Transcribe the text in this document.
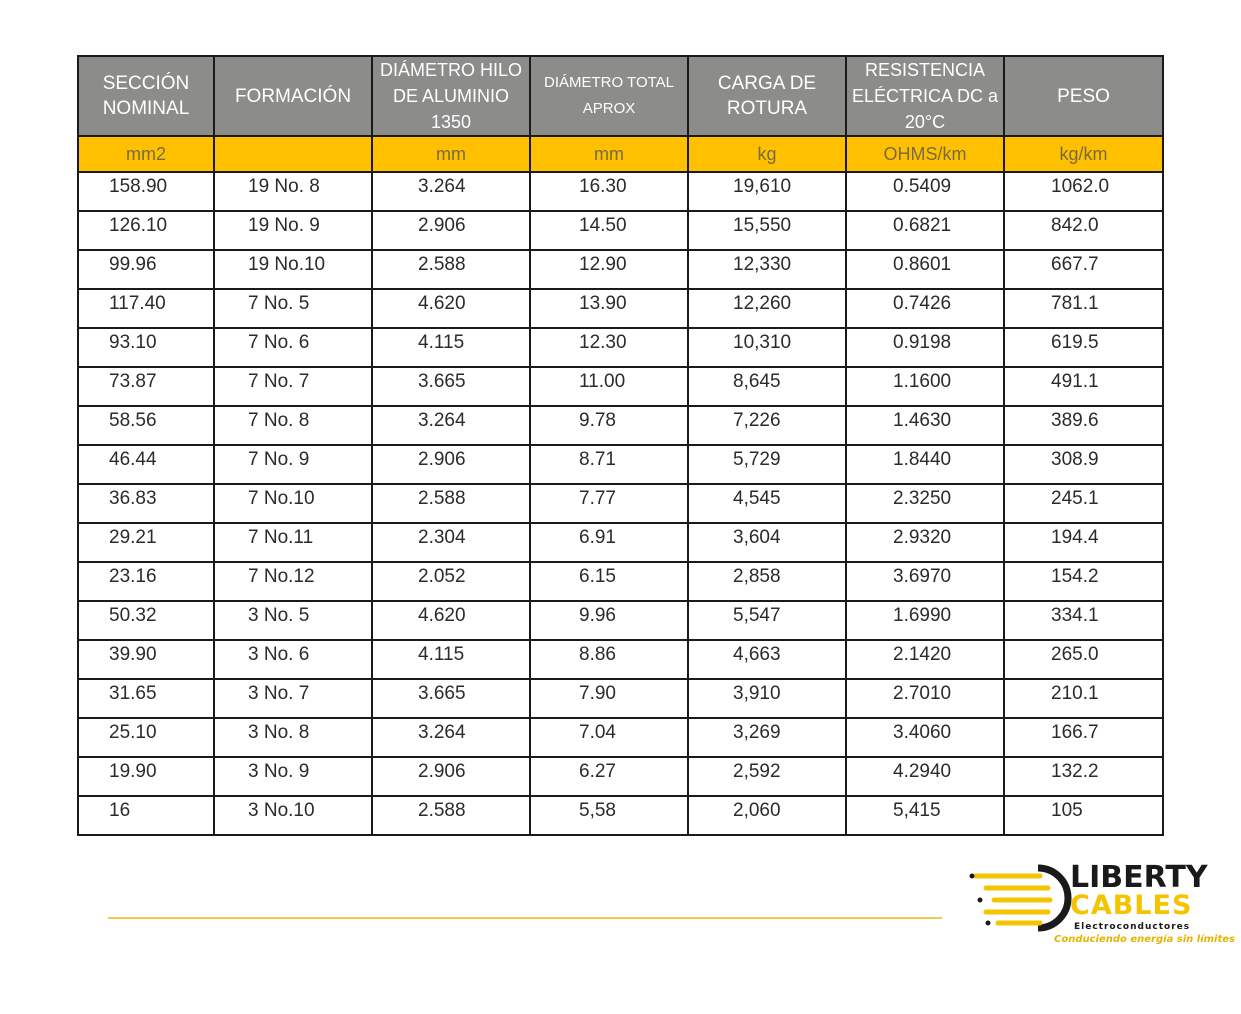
SECCIÓN NOMINAL	FORMACIÓN	DIÁMETRO HILO DE ALUMINIO 1350	DIÁMETRO TOTAL APROX	CARGA DE ROTURA	RESISTENCIA ELÉCTRICA DC a 20°C	PESO
mm2		mm	mm	kg	OHMS/km	kg/km
158.90	19 No. 8	3.264	16.30	19,610	0.5409	1062.0
126.10	19 No. 9	2.906	14.50	15,550	0.6821	842.0
99.96	19 No.10	2.588	12.90	12,330	0.8601	667.7
117.40	7 No. 5	4.620	13.90	12,260	0.7426	781.1
93.10	7 No. 6	4.115	12.30	10,310	0.9198	619.5
73.87	7 No. 7	3.665	11.00	8,645	1.1600	491.1
58.56	7 No. 8	3.264	9.78	7,226	1.4630	389.6
46.44	7 No. 9	2.906	8.71	5,729	1.8440	308.9
36.83	7 No.10	2.588	7.77	4,545	2.3250	245.1
29.21	7 No.11	2.304	6.91	3,604	2.9320	194.4
23.16	7 No.12	2.052	6.15	2,858	3.6970	154.2
50.32	3 No. 5	4.620	9.96	5,547	1.6990	334.1
39.90	3 No. 6	4.115	8.86	4,663	2.1420	265.0
31.65	3 No. 7	3.665	7.90	3,910	2.7010	210.1
25.10	3 No. 8	3.264	7.04	3,269	3.4060	166.7
19.90	3 No. 9	2.906	6.27	2,592	4.2940	132.2
16	3 No.10	2.588	5,58	2,060	5,415	105
LIBERTY
CABLES
Electroconductores
Conduciendo energía sin límites
